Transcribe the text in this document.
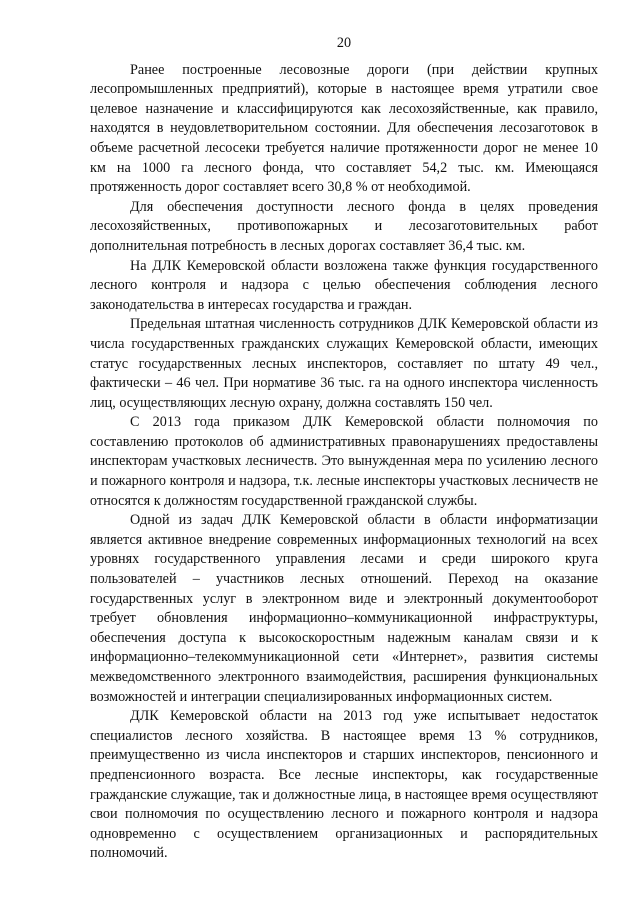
20

Ранее построенные лесовозные дороги (при действии крупных лесопромышленных предприятий), которые в настоящее время утратили свое целевое назначение и классифицируются как лесохозяйственные, как правило, находятся в неудовлетворительном состоянии. Для обеспечения лесозаготовок в объеме расчетной лесосеки требуется наличие протяженности дорог не менее 10 км на 1000 га лесного фонда, что составляет 54,2 тыс. км. Имеющаяся протяженность дорог составляет всего 30,8 % от необходимой.

Для обеспечения доступности лесного фонда в целях проведения лесохозяйственных, противопожарных и лесозаготовительных работ дополнительная потребность в лесных дорогах составляет 36,4 тыс. км.

На ДЛК Кемеровской области возложена также функция государственного лесного контроля и надзора с целью обеспечения соблюдения лесного законодательства в интересах государства и граждан.

Предельная штатная численность сотрудников ДЛК Кемеровской области из числа государственных гражданских служащих Кемеровской области, имеющих статус государственных лесных инспекторов, составляет по штату 49 чел., фактически – 46 чел. При нормативе 36 тыс. га на одного инспектора численность лиц, осуществляющих лесную охрану, должна составлять 150 чел.

С 2013 года приказом ДЛК Кемеровской области полномочия по составлению протоколов об административных правонарушениях предоставлены инспекторам участковых лесничеств. Это вынужденная мера по усилению лесного и пожарного контроля и надзора, т.к. лесные инспекторы участковых лесничеств не относятся к должностям государственной гражданской службы.

Одной из задач ДЛК Кемеровской области в области информатизации является активное внедрение современных информационных технологий на всех уровнях государственного управления лесами и среди широкого круга пользователей – участников лесных отношений. Переход на оказание государственных услуг в электронном виде и электронный документооборот требует обновления информационно–коммуникационной инфраструктуры, обеспечения доступа к высокоскоростным надежным каналам связи и к информационно–телекоммуникационной сети «Интернет», развития системы межведомственного электронного взаимодействия, расширения функциональных возможностей и интеграции специализированных информационных систем.

ДЛК Кемеровской области на 2013 год уже испытывает недостаток специалистов лесного хозяйства. В настоящее время 13 % сотрудников, преимущественно из числа инспекторов и старших инспекторов, пенсионного и предпенсионного возраста. Все лесные инспекторы, как государственные гражданские служащие, так и должностные лица, в настоящее время осуществляют свои полномочия по осуществлению лесного и пожарного контроля и надзора одновременно с осуществлением организационных и распорядительных полномочий.
